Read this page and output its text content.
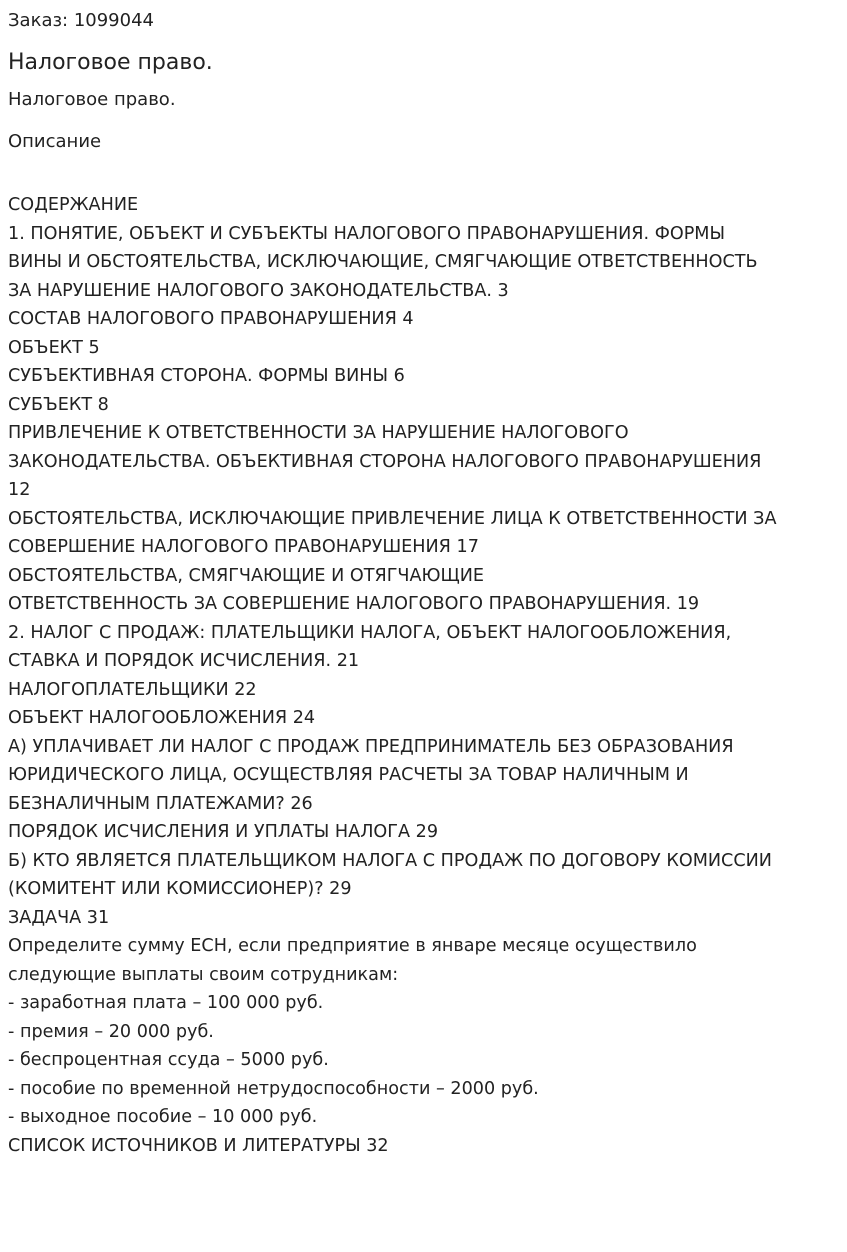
Заказ: 1099044

Налоговое право.

Налоговое право.

Описание

СОДЕРЖАНИЕ
1. ПОНЯТИЕ, ОБЪЕКТ И СУБЪЕКТЫ НАЛОГОВОГО ПРАВОНАРУШЕНИЯ. ФОРМЫ
ВИНЫ И ОБСТОЯТЕЛЬСТВА, ИСКЛЮЧАЮЩИЕ, СМЯГЧАЮЩИЕ ОТВЕТСТВЕННОСТЬ
ЗА НАРУШЕНИЕ НАЛОГОВОГО ЗАКОНОДАТЕЛЬСТВА. 3
СОСТАВ НАЛОГОВОГО ПРАВОНАРУШЕНИЯ 4
ОБЪЕКТ 5
СУБЪЕКТИВНАЯ СТОРОНА. ФОРМЫ ВИНЫ 6
СУБЪЕКТ 8
ПРИВЛЕЧЕНИЕ К ОТВЕТСТВЕННОСТИ ЗА НАРУШЕНИЕ НАЛОГОВОГО
ЗАКОНОДАТЕЛЬСТВА. ОБЪЕКТИВНАЯ СТОРОНА НАЛОГОВОГО ПРАВОНАРУШЕНИЯ
12
ОБСТОЯТЕЛЬСТВА, ИСКЛЮЧАЮЩИЕ ПРИВЛЕЧЕНИЕ ЛИЦА К ОТВЕТСТВЕННОСТИ ЗА
СОВЕРШЕНИЕ НАЛОГОВОГО ПРАВОНАРУШЕНИЯ 17
ОБСТОЯТЕЛЬСТВА, СМЯГЧАЮЩИЕ И ОТЯГЧАЮЩИЕ
ОТВЕТСТВЕННОСТЬ ЗА СОВЕРШЕНИЕ НАЛОГОВОГО ПРАВОНАРУШЕНИЯ. 19
2. НАЛОГ С ПРОДАЖ: ПЛАТЕЛЬЩИКИ НАЛОГА, ОБЪЕКТ НАЛОГООБЛОЖЕНИЯ,
СТАВКА И ПОРЯДОК ИСЧИСЛЕНИЯ. 21
НАЛОГОПЛАТЕЛЬЩИКИ 22
ОБЪЕКТ НАЛОГООБЛОЖЕНИЯ 24
А) УПЛАЧИВАЕТ ЛИ НАЛОГ С ПРОДАЖ ПРЕДПРИНИМАТЕЛЬ БЕЗ ОБРАЗОВАНИЯ
ЮРИДИЧЕСКОГО ЛИЦА, ОСУЩЕСТВЛЯЯ РАСЧЕТЫ ЗА ТОВАР НАЛИЧНЫМ И
БЕЗНАЛИЧНЫМ ПЛАТЕЖАМИ? 26
ПОРЯДОК ИСЧИСЛЕНИЯ И УПЛАТЫ НАЛОГА 29
Б) КТО ЯВЛЯЕТСЯ ПЛАТЕЛЬЩИКОМ НАЛОГА С ПРОДАЖ ПО ДОГОВОРУ КОМИССИИ
(КОМИТЕНТ ИЛИ КОМИССИОНЕР)? 29
ЗАДАЧА 31
Определите сумму ЕСН, если предприятие в январе месяце осуществило
следующие выплаты своим сотрудникам:
- заработная плата – 100 000 руб.
- премия – 20 000 руб.
- беспроцентная ссуда – 5000 руб.
- пособие по временной нетрудоспособности – 2000 руб.
- выходное пособие – 10 000 руб.
СПИСОК ИСТОЧНИКОВ И ЛИТЕРАТУРЫ 32
